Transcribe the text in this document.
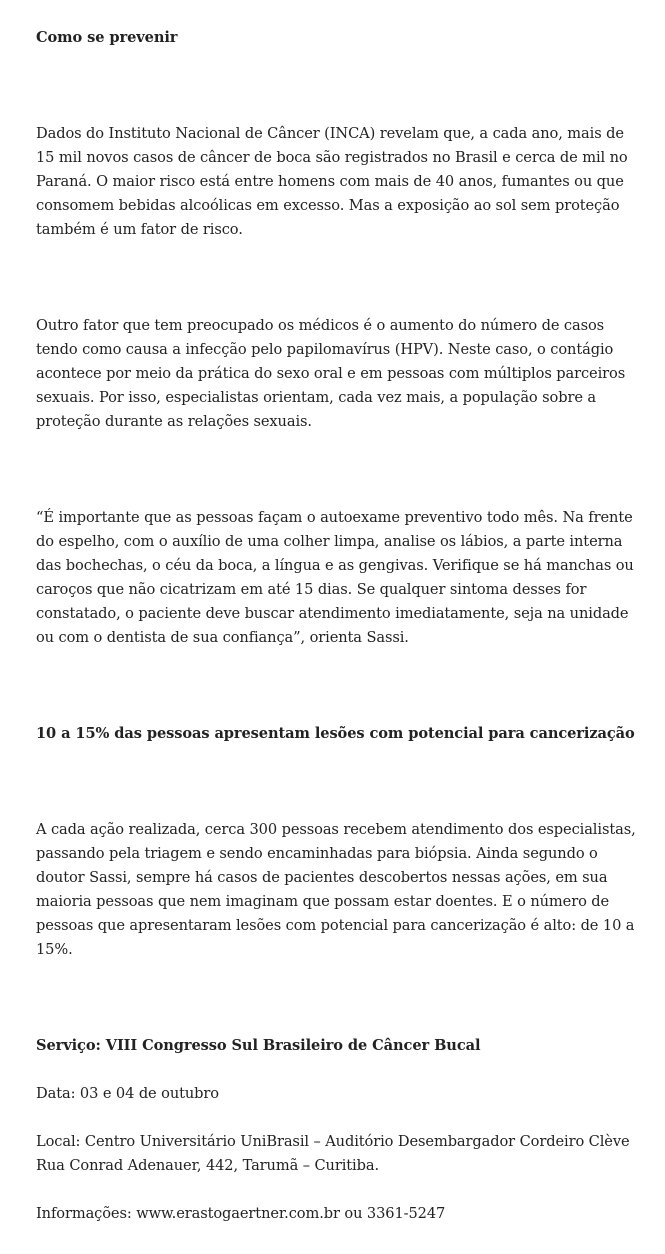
Como se prevenir

Dados do Instituto Nacional de Câncer (INCA) revelam que, a cada ano, mais de 15 mil novos casos de câncer de boca são registrados no Brasil e cerca de mil no Paraná. O maior risco está entre homens com mais de 40 anos, fumantes ou que consomem bebidas alcoólicas em excesso. Mas a exposição ao sol sem proteção também é um fator de risco.

Outro fator que tem preocupado os médicos é o aumento do número de casos tendo como causa a infecção pelo papilomavírus (HPV). Neste caso, o contágio acontece por meio da prática do sexo oral e em pessoas com múltiplos parceiros sexuais. Por isso, especialistas orientam, cada vez mais, a população sobre a proteção durante as relações sexuais.

“É importante que as pessoas façam o autoexame preventivo todo mês. Na frente do espelho, com o auxílio de uma colher limpa, analise os lábios, a parte interna das bochechas, o céu da boca, a língua e as gengivas. Verifique se há manchas ou caroços que não cicatrizam em até 15 dias. Se qualquer sintoma desses for constatado, o paciente deve buscar atendimento imediatamente, seja na unidade ou com o dentista de sua confiança”, orienta Sassi.

10 a 15% das pessoas apresentam lesões com potencial para cancerização

A cada ação realizada, cerca 300 pessoas recebem atendimento dos especialistas, passando pela triagem e sendo encaminhadas para biópsia. Ainda segundo o doutor Sassi, sempre há casos de pacientes descobertos nessas ações, em sua
maioria pessoas que nem imaginam que possam estar doentes. E o número de pessoas que apresentaram lesões com potencial para cancerização é alto: de 10 a 15%.

Serviço: VIII Congresso Sul Brasileiro de Câncer Bucal

Data: 03 e 04 de outubro

Local: Centro Universitário UniBrasil – Auditório Desembargador Cordeiro Clève
Rua Conrad Adenauer, 442, Tarumã – Curitiba.

Informações: www.erastogaertner.com.br ou 3361-5247
